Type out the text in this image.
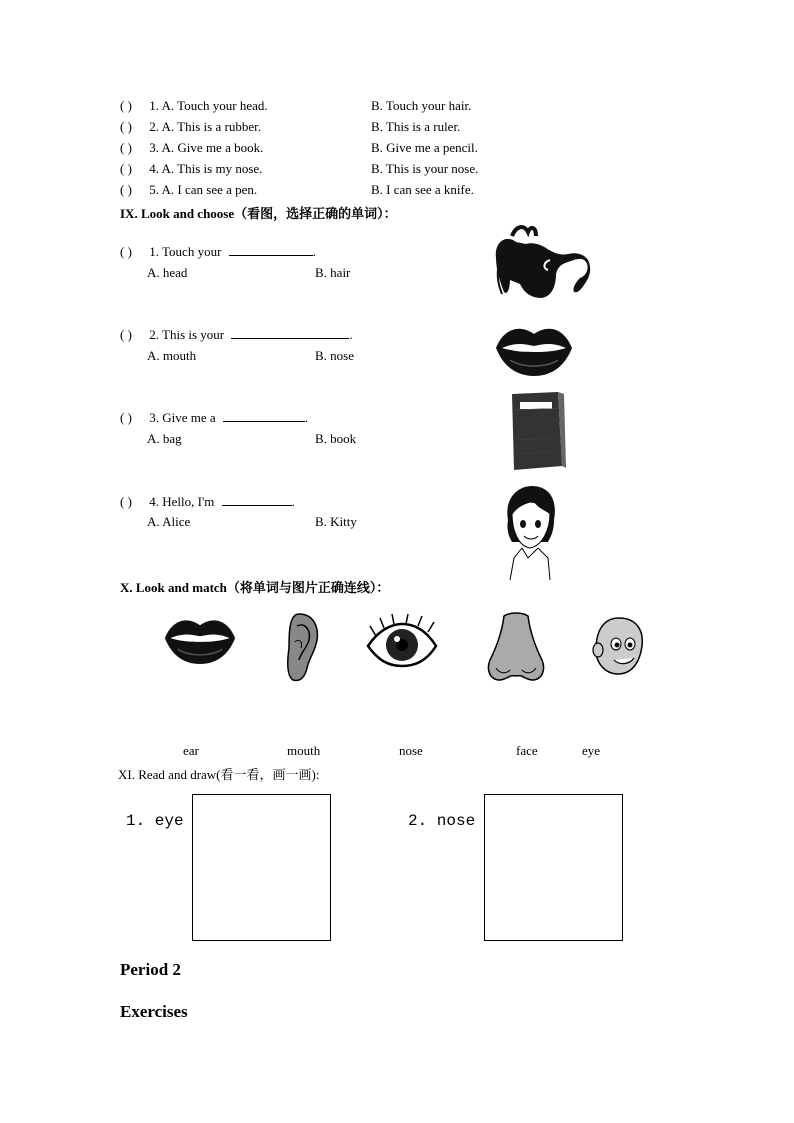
( ) 1. A. Touch your head.	B. Touch your hair.
( ) 2. A. This is a rubber.	B. This is a ruler.
( ) 3. A. Give me a book.	B. Give me a pencil.
( ) 4. A. This is my nose.	B. This is your nose.
( ) 5. A. I can see a pen.	B. I can see a knife.
IX. Look and choose（看图，选择正确的单词）：
( ) 1. Touch your	.
A. head	B. hair
( ) 2. This is your	.
A. mouth	B. nose
( ) 3. Give me a	.
A. bag	B. book
( ) 4. Hello, I'm	.
A. Alice	B. Kitty
X. Look and match（将单词与图片正确连线）：
ear	mouth	nose	face	eye
XI. Read and draw(看一看，画一画):
1. eye	2. nose
Period 2
Exercises
